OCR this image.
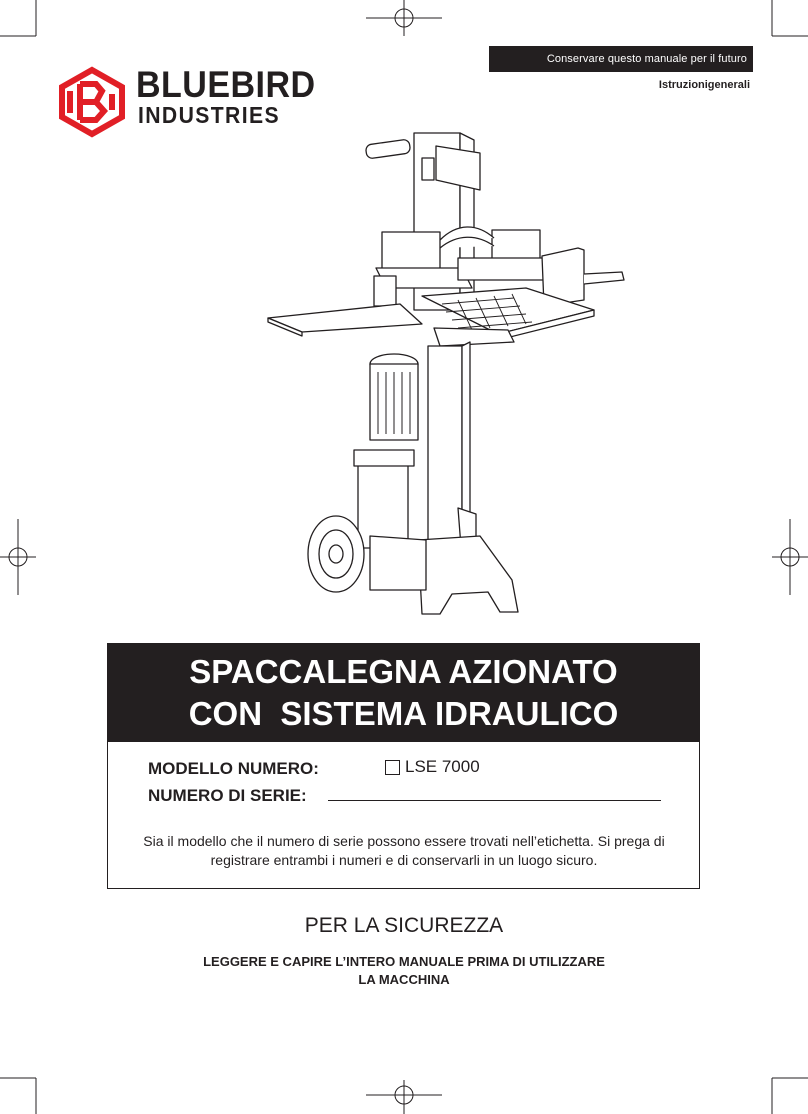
Conservare questo manuale per il futuro
Istruzionigenerali
BLUEBIRD
INDUSTRIES
SPACCALEGNA AZIONATO
CON  SISTEMA IDRAULICO
MODELLO NUMERO:	LSE 7000
NUMERO DI SERIE:
Sia il modello che il numero di serie possono essere trovati nell’etichetta. Si prega di registrare entrambi i numeri e di conservarli in un luogo sicuro.
PER LA SICUREZZA
LEGGERE E CAPIRE L’INTERO MANUALE PRIMA DI UTILIZZARE
LA MACCHINA
